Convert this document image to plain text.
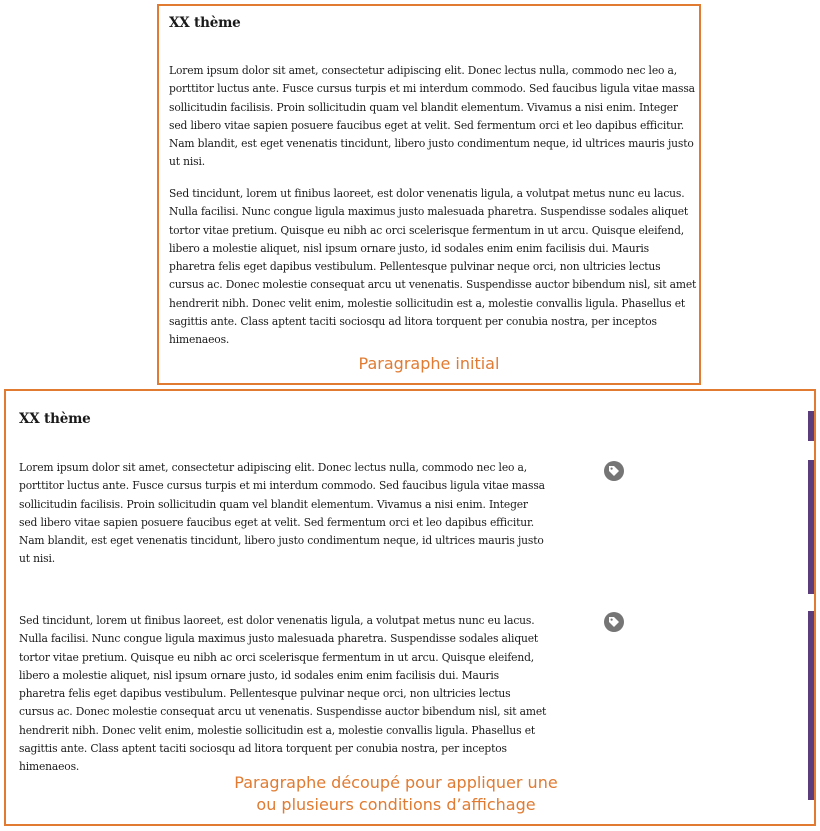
XX thème

Lorem ipsum dolor sit amet, consectetur adipiscing elit. Donec lectus nulla, commodo nec leo a,
porttitor luctus ante. Fusce cursus turpis et mi interdum commodo. Sed faucibus ligula vitae massa
sollicitudin facilisis. Proin sollicitudin quam vel blandit elementum. Vivamus a nisi enim. Integer
sed libero vitae sapien posuere faucibus eget at velit. Sed fermentum orci et leo dapibus efficitur.
Nam blandit, est eget venenatis tincidunt, libero justo condimentum neque, id ultrices mauris justo
ut nisi.

Sed tincidunt, lorem ut finibus laoreet, est dolor venenatis ligula, a volutpat metus nunc eu lacus.
Nulla facilisi. Nunc congue ligula maximus justo malesuada pharetra. Suspendisse sodales aliquet
tortor vitae pretium. Quisque eu nibh ac orci scelerisque fermentum in ut arcu. Quisque eleifend,
libero a molestie aliquet, nisl ipsum ornare justo, id sodales enim enim facilisis dui. Mauris
pharetra felis eget dapibus vestibulum. Pellentesque pulvinar neque orci, non ultricies lectus
cursus ac. Donec molestie consequat arcu ut venenatis. Suspendisse auctor bibendum nisl, sit amet
hendrerit nibh. Donec velit enim, molestie sollicitudin est a, molestie convallis ligula. Phasellus et
sagittis ante. Class aptent taciti sociosqu ad litora torquent per conubia nostra, per inceptos
himenaeos.

Paragraphe initial
XX thème

Lorem ipsum dolor sit amet, consectetur adipiscing elit. Donec lectus nulla, commodo nec leo a,
porttitor luctus ante. Fusce cursus turpis et mi interdum commodo. Sed faucibus ligula vitae massa
sollicitudin facilisis. Proin sollicitudin quam vel blandit elementum. Vivamus a nisi enim. Integer
sed libero vitae sapien posuere faucibus eget at velit. Sed fermentum orci et leo dapibus efficitur.
Nam blandit, est eget venenatis tincidunt, libero justo condimentum neque, id ultrices mauris justo
ut nisi.

Sed tincidunt, lorem ut finibus laoreet, est dolor venenatis ligula, a volutpat metus nunc eu lacus.
Nulla facilisi. Nunc congue ligula maximus justo malesuada pharetra. Suspendisse sodales aliquet
tortor vitae pretium. Quisque eu nibh ac orci scelerisque fermentum in ut arcu. Quisque eleifend,
libero a molestie aliquet, nisl ipsum ornare justo, id sodales enim enim facilisis dui. Mauris
pharetra felis eget dapibus vestibulum. Pellentesque pulvinar neque orci, non ultricies lectus
cursus ac. Donec molestie consequat arcu ut venenatis. Suspendisse auctor bibendum nisl, sit amet
hendrerit nibh. Donec velit enim, molestie sollicitudin est a, molestie convallis ligula. Phasellus et
sagittis ante. Class aptent taciti sociosqu ad litora torquent per conubia nostra, per inceptos
himenaeos.

Paragraphe découpé pour appliquer une
ou plusieurs conditions d’affichage
